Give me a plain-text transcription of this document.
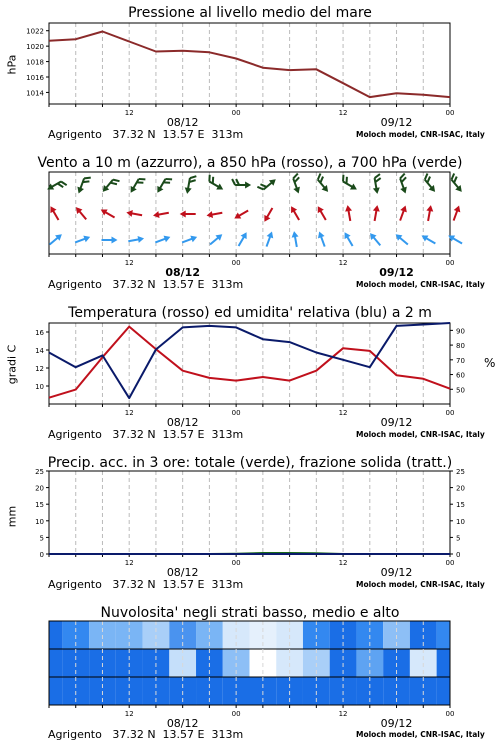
Pressione al livello medio del mare
hPa
12	00	12	00
08/12	09/12
1014
1016
1018
1020
1022
Agrigento   37.32 N  13.57 E  313m	Moloch model, CNR-ISAC, Italy
Vento a 10 m (azzurro), a 850 hPa (rosso), a 700 hPa (verde)
12	00	12	00
08/12	09/12
Agrigento   37.32 N  13.57 E  313m	Moloch model, CNR-ISAC, Italy
Temperatura (rosso) ed umidita' relativa (blu) a 2 m
gradi C	%
12	00	12	00
08/12	09/12
10
12
14
16
50
60
70
80
90
Agrigento   37.32 N  13.57 E  313m	Moloch model, CNR-ISAC, Italy
Precip. acc. in 3 ore: totale (verde), frazione solida (tratt.)
mm
12	00	12	00
08/12	09/12
0
5
10
15
20
25
0
5
10
15
20
25
Agrigento   37.32 N  13.57 E  313m	Moloch model, CNR-ISAC, Italy
Nuvolosita' negli strati basso, medio e alto
12	00	12	00
08/12	09/12
Agrigento   37.32 N  13.57 E  313m	Moloch model, CNR-ISAC, Italy
